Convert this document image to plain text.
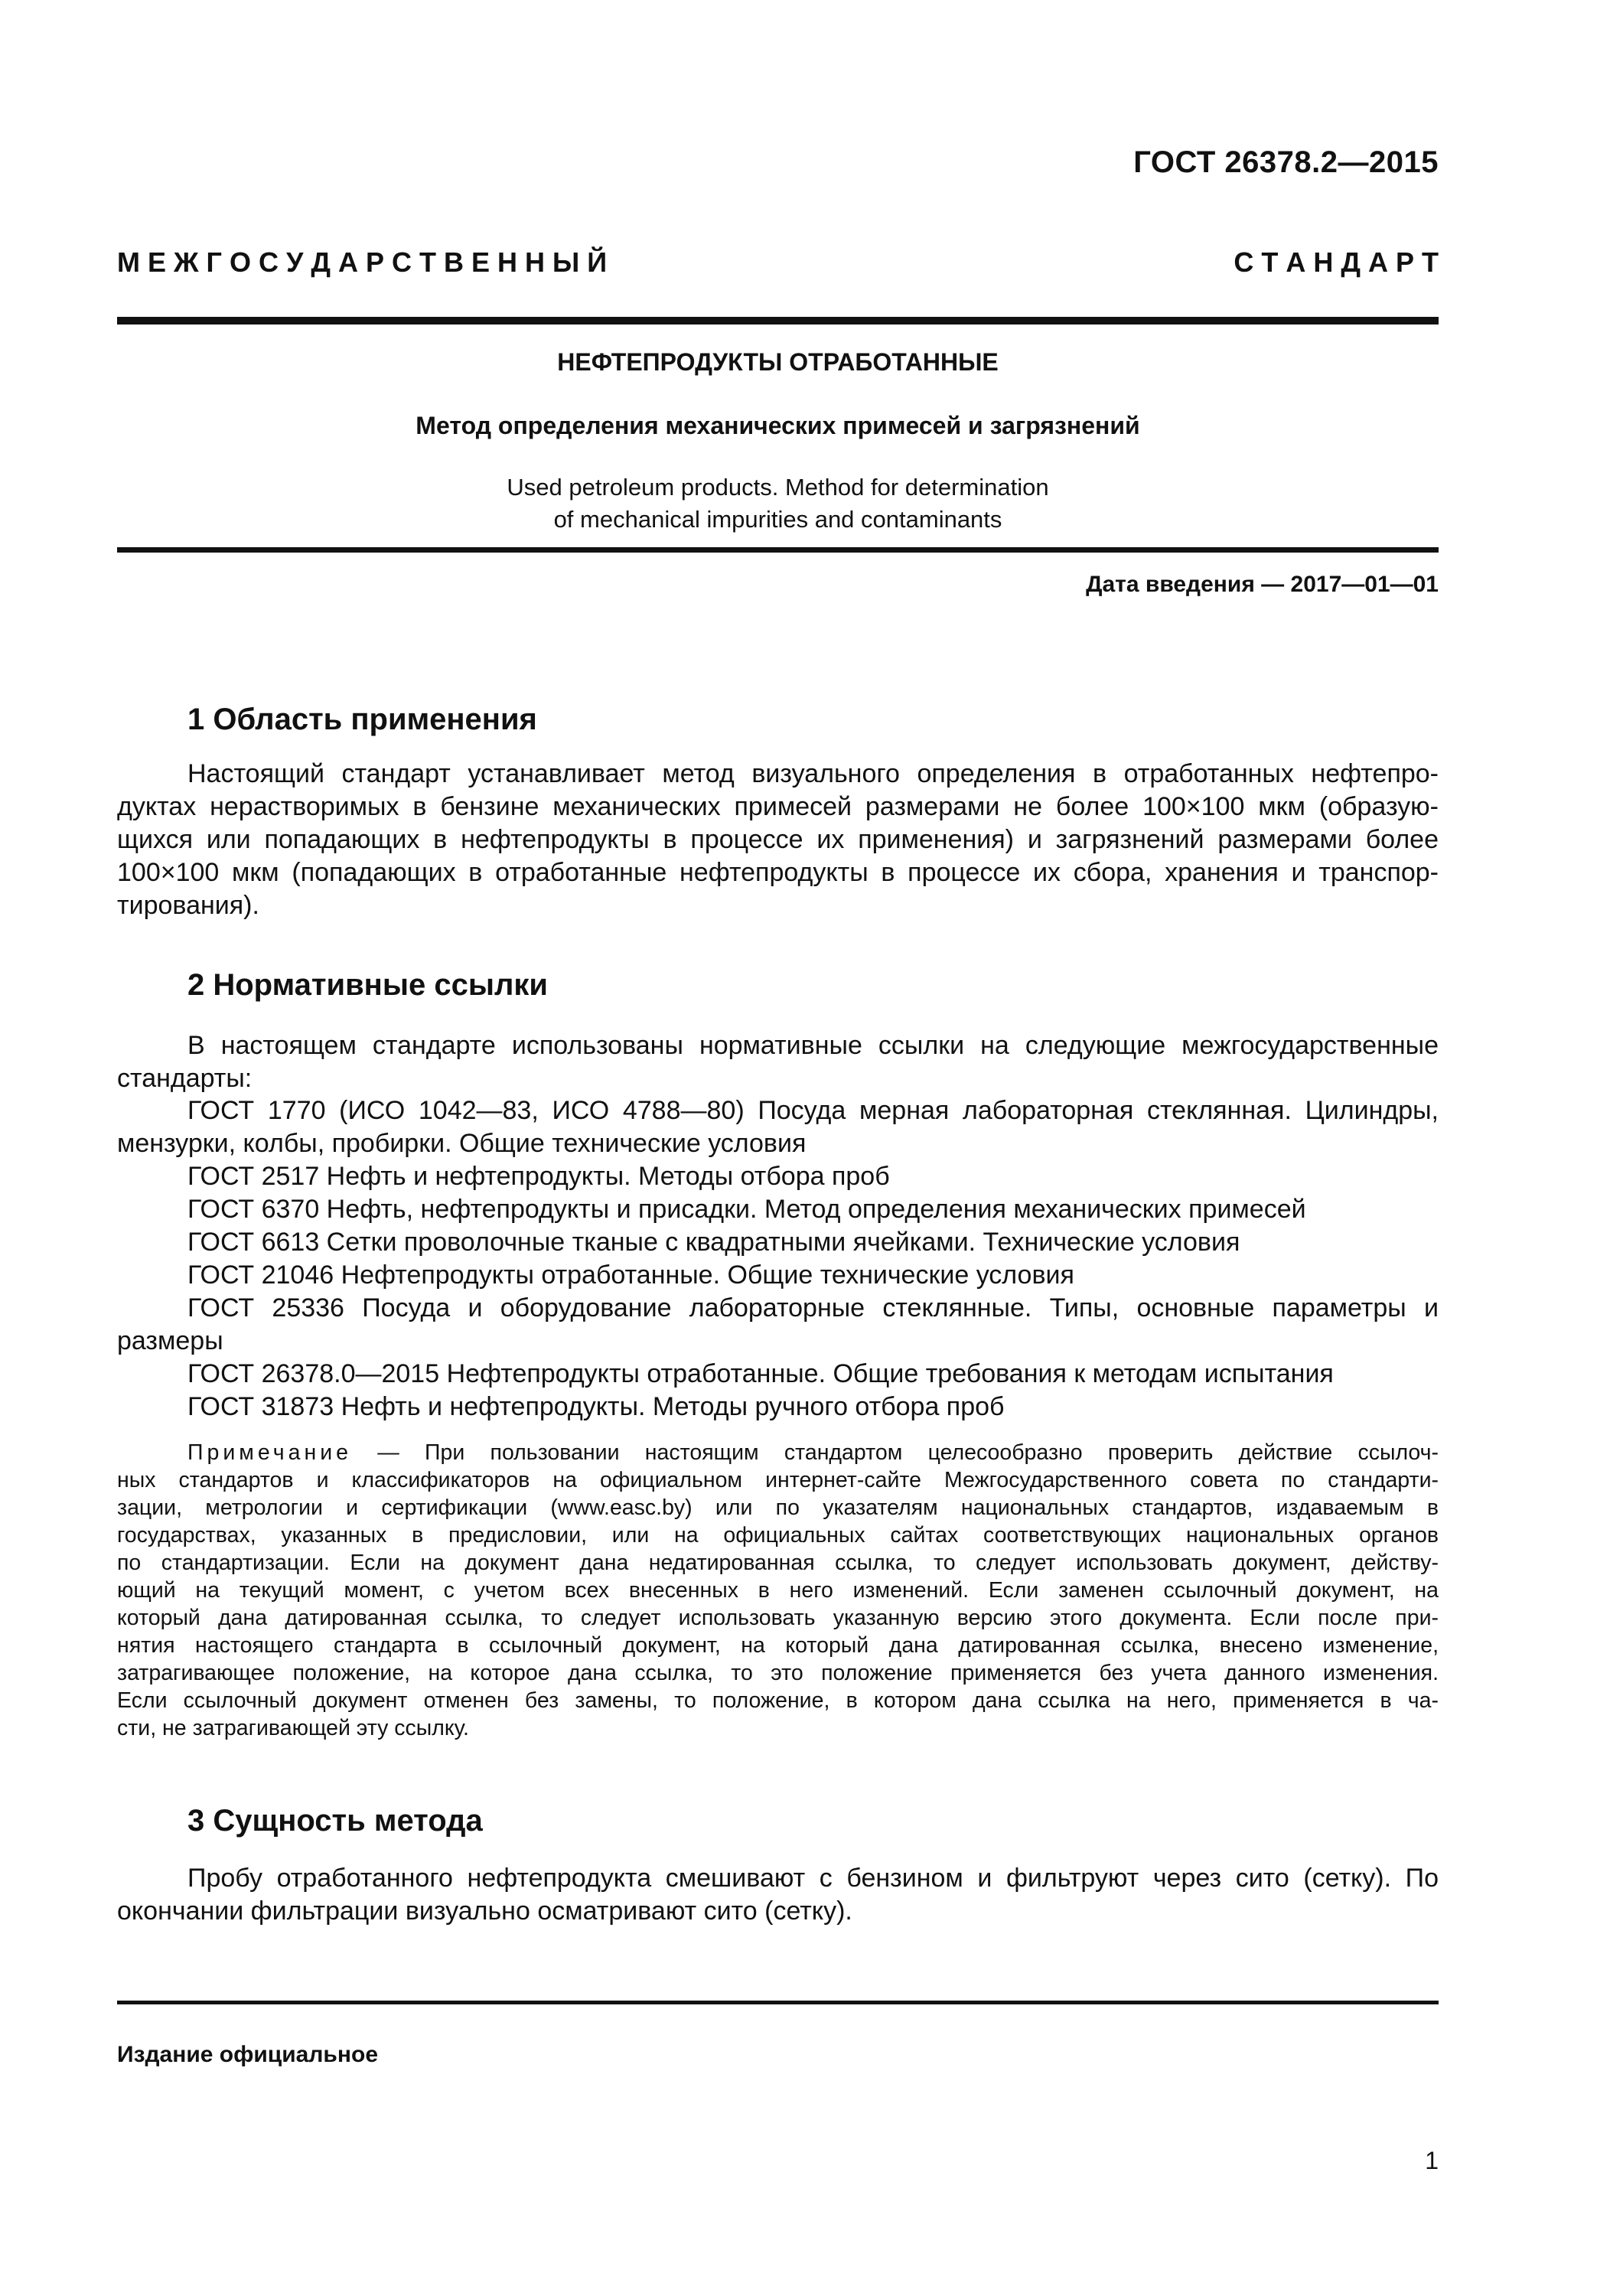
ГОСТ 26378.2—2015
М Е Ж Г О С У Д А Р С Т В Е Н Н Ы Й	С Т А Н Д А Р Т
НЕФТЕПРОДУКТЫ ОТРАБОТАННЫЕ
Метод определения механических примесей и загрязнений
Used petroleum products. Method for determination
of mechanical impurities and contaminants
Дата введения — 2017—01—01
1 Область применения
Настоящий стандарт устанавливает метод визуального определения в отработанных нефтепро-
дуктах нерастворимых в бензине механических примесей размерами не более 100×100 мкм (образую-
щихся или попадающих в нефтепродукты в процессе их применения) и загрязнений размерами более
100×100 мкм (попадающих в отработанные нефтепродукты в процессе их сбора, хранения и транспор-
тирования).
2 Нормативные ссылки
В настоящем стандарте использованы нормативные ссылки на следующие межгосударственные
стандарты:
ГОСТ 1770 (ИСО 1042—83, ИСО 4788—80) Посуда мерная лабораторная стеклянная. Цилиндры,
мензурки, колбы, пробирки. Общие технические условия
ГОСТ 2517 Нефть и нефтепродукты. Методы отбора проб
ГОСТ 6370 Нефть, нефтепродукты и присадки. Метод определения механических примесей
ГОСТ 6613 Сетки проволочные тканые с квадратными ячейками. Технические условия
ГОСТ 21046 Нефтепродукты отработанные. Общие технические условия
ГОСТ 25336 Посуда и оборудование лабораторные стеклянные. Типы, основные параметры и
размеры
ГОСТ 26378.0—2015 Нефтепродукты отработанные. Общие требования к методам испытания
ГОСТ 31873 Нефть и нефтепродукты. Методы ручного отбора проб
Примечание — При пользовании настоящим стандартом целесообразно проверить действие ссылоч-
ных стандартов и классификаторов на официальном интернет-сайте Межгосударственного совета по стандарти-
зации, метрологии и сертификации (www.easc.by) или по указателям национальных стандартов, издаваемым в
государствах, указанных в предисловии, или на официальных сайтах соответствующих национальных органов
по стандартизации. Если на документ дана недатированная ссылка, то следует использовать документ, действу-
ющий на текущий момент, с учетом всех внесенных в него изменений. Если заменен ссылочный документ, на
который дана датированная ссылка, то следует использовать указанную версию этого документа. Если после при-
нятия настоящего стандарта в ссылочный документ, на который дана датированная ссылка, внесено изменение,
затрагивающее положение, на которое дана ссылка, то это положение применяется без учета данного изменения.
Если ссылочный документ отменен без замены, то положение, в котором дана ссылка на него, применяется в ча-
сти, не затрагивающей эту ссылку.
3 Сущность метода
Пробу отработанного нефтепродукта смешивают с бензином и фильтруют через сито (сетку). По
окончании фильтрации визуально осматривают сито (сетку).
Издание официальное
1
